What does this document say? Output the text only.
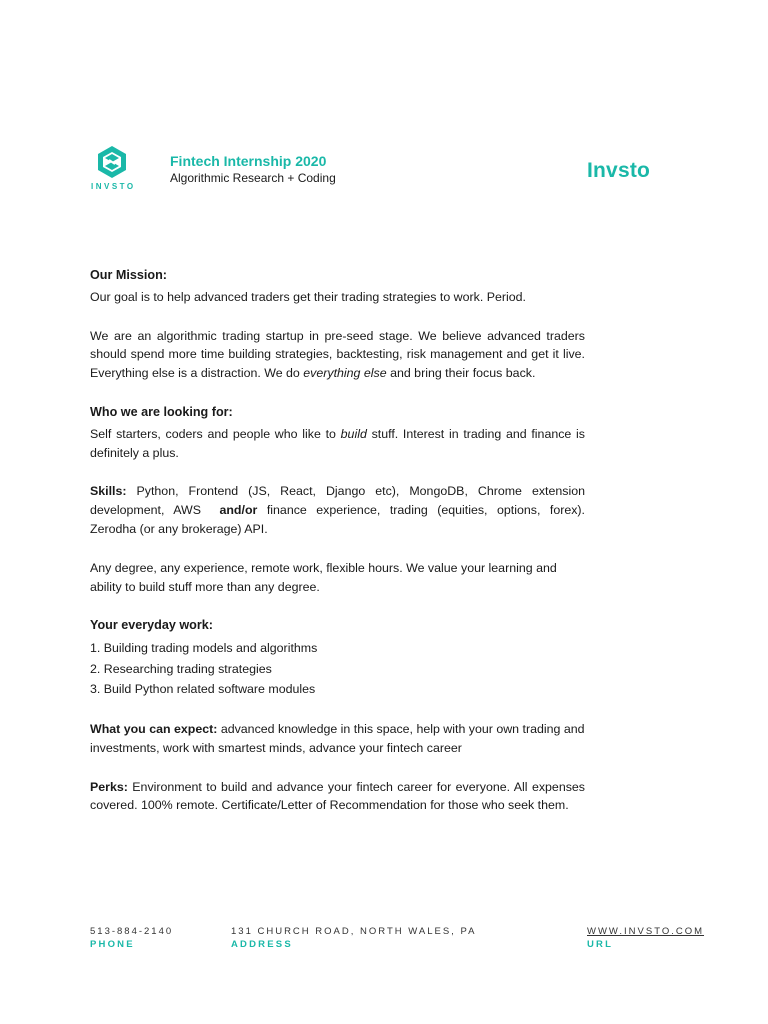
INVSTO
Fintech Internship 2020
Algorithmic Research + Coding	Invsto
Our Mission:

Our goal is to help advanced traders get their trading strategies to work. Period.

We are an algorithmic trading startup in pre-seed stage. We believe advanced traders should spend more time building strategies, backtesting, risk management and get it live. Everything else is a distraction. We do everything else and bring their focus back.

Who we are looking for:

Self starters, coders and people who like to build stuff. Interest in trading and finance is definitely a plus.

Skills: Python, Frontend (JS, React, Django etc), MongoDB, Chrome extension development, AWS and/or finance experience, trading (equities, options, forex). Zerodha (or any brokerage) API.

Any degree, any experience, remote work, flexible hours. We value your learning and ability to build stuff more than any degree.

Your everyday work:
1. Building trading models and algorithms
2. Researching trading strategies
3. Build Python related software modules

What you can expect: advanced knowledge in this space, help with your own trading and investments, work with smartest minds, advance your fintech career

Perks: Environment to build and advance your fintech career for everyone. All expenses covered. 100% remote. Certificate/Letter of Recommendation for those who seek them.

513-884-2140
PHONE
131 CHURCH ROAD, NORTH WALES, PA
ADDRESS
WWW.INVSTO.COM
URL
